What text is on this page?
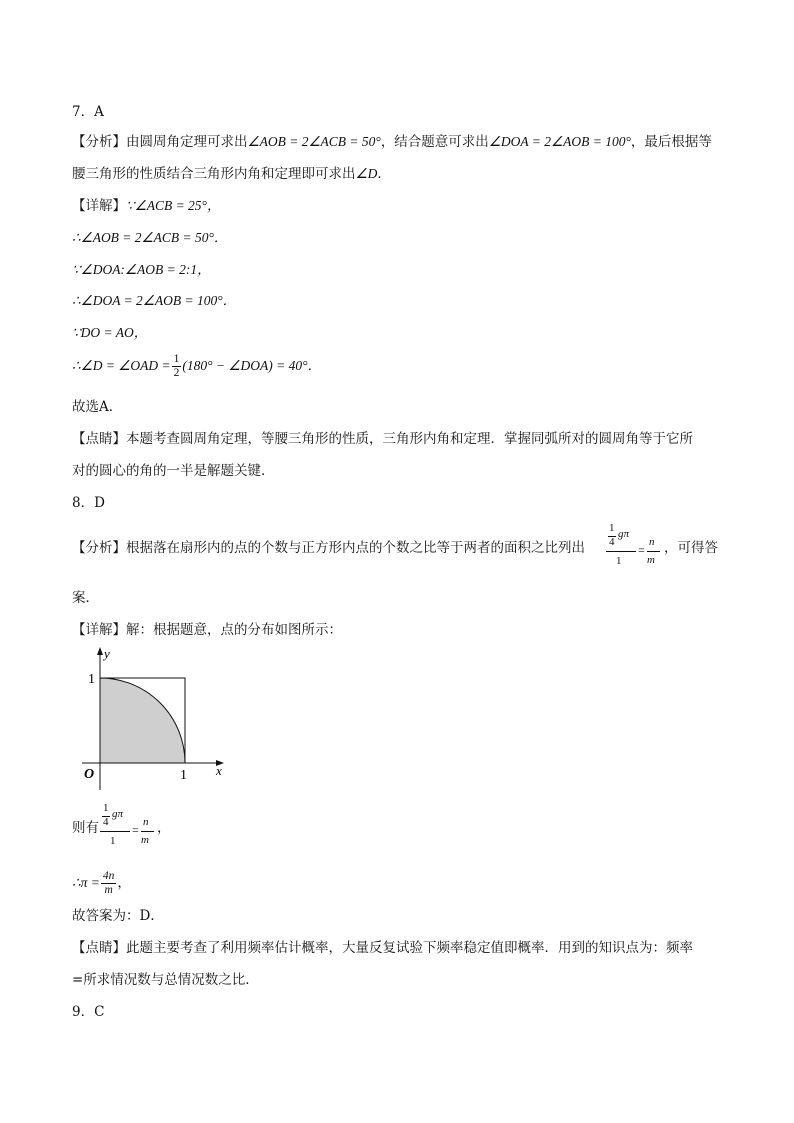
7．A
【分析】由圆周角定理可求出∠AOB = 2∠ACB = 50°，结合题意可求出∠DOA = 2∠AOB = 100°，最后根据等
腰三角形的性质结合三角形内角和定理即可求出∠D．
【详解】∵∠ACB = 25°，
∴∠AOB = 2∠ACB = 50°．
∵∠DOA:∠AOB = 2:1，
∴∠DOA = 2∠AOB = 100°．
∵DO = AO，
∴∠D = ∠OAD = $\frac{1}{2} (180^\circ$ − ∠DOA) = 40°．
故选A．
【点睛】本题考查圆周角定理，等腰三角形的性质，三角形内角和定理．掌握同弧所对的圆周角等于它所
对的圆心的角的一半是解题关键．
8．D
【分析】根据落在扇形内的点的个数与正方形内点的个数之比等于两者的面积之比列出
1
4
gπ
1
=
n
m
，可得答
案．
【详解】解：根据题意，点的分布如图所示：
y
x
O
1
1
则有
1
4
gπ
1
=
n
m
，
∴π = $\frac{4n}{m}$ ，
故答案为：D．
【点睛】此题主要考查了利用频率估计概率，大量反复试验下频率稳定值即概率．用到的知识点为：频率
=所求情况数与总情况数之比．
9．C
